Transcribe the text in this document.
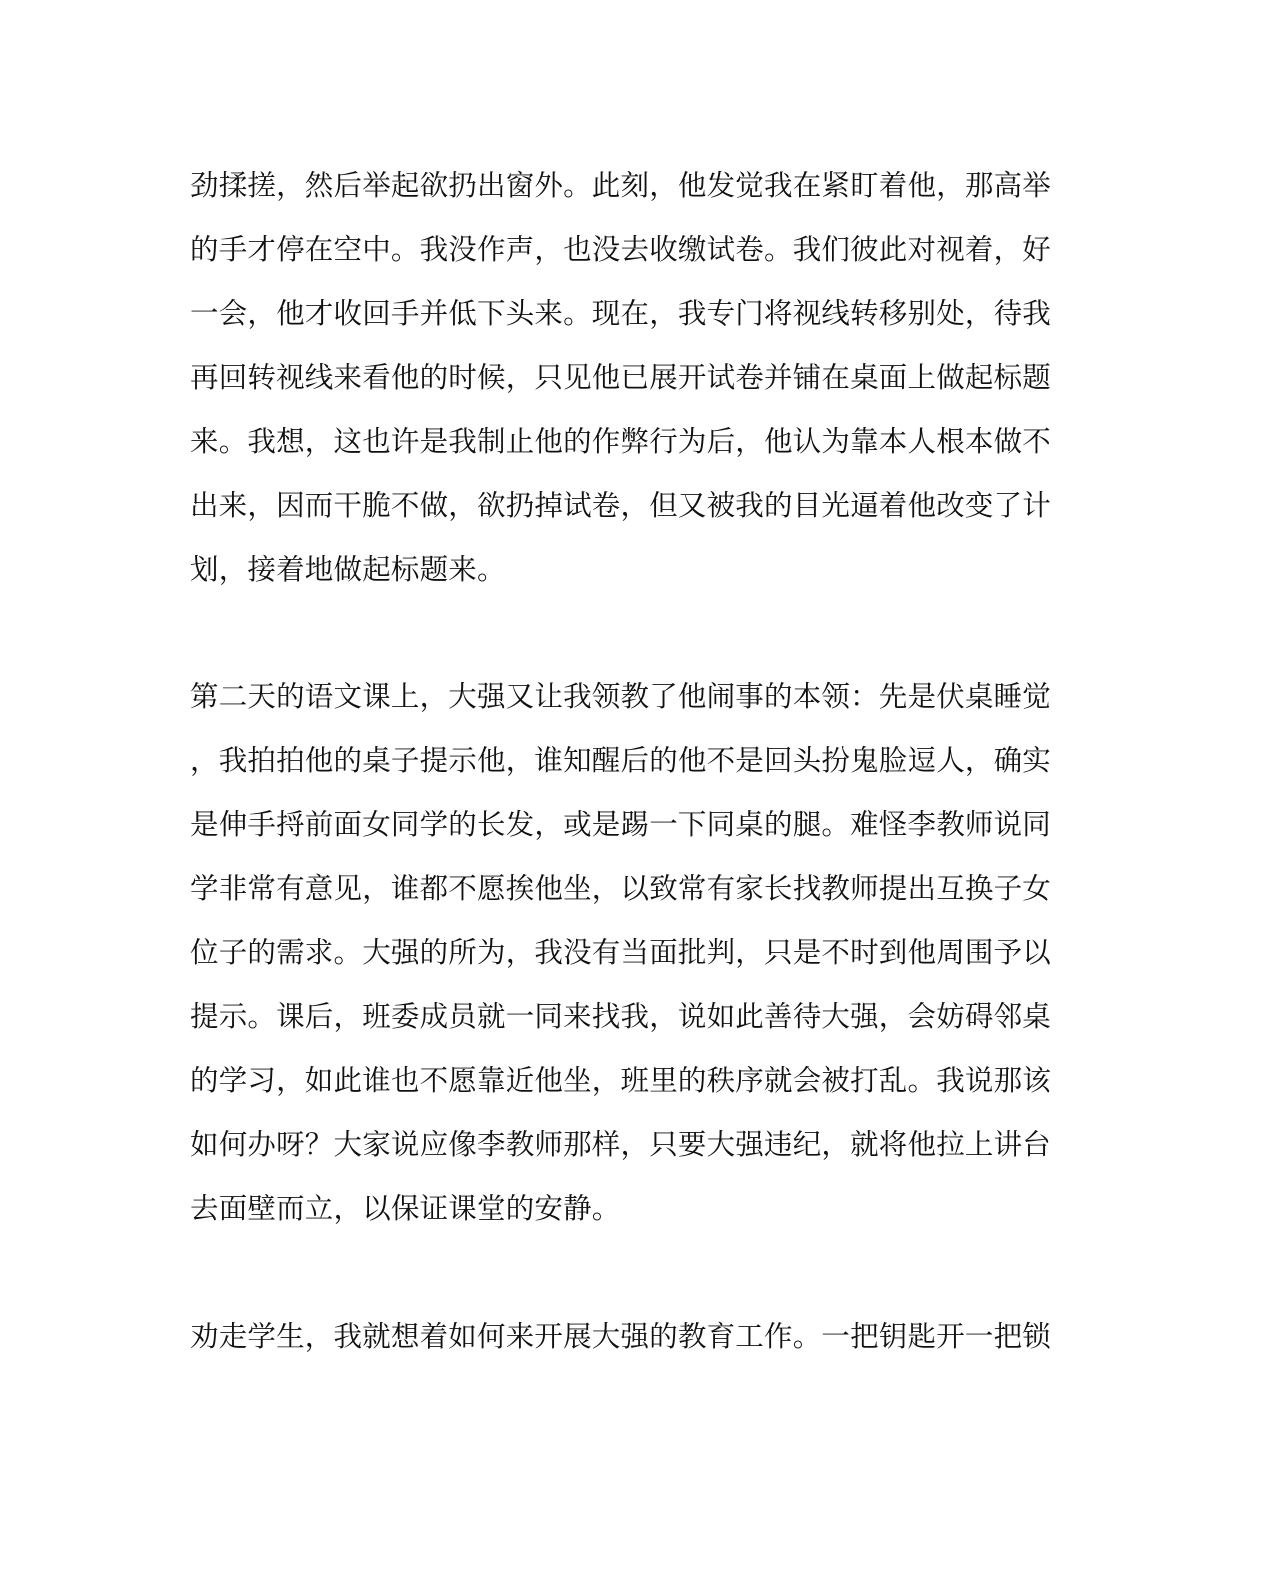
劲揉搓，然后举起欲扔出窗外。此刻，他发觉我在紧盯着他，那高举
的手才停在空中。我没作声，也没去收缴试卷。我们彼此对视着，好
一会，他才收回手并低下头来。现在，我专门将视线转移别处，待我
再回转视线来看他的时候，只见他已展开试卷并铺在桌面上做起标题
来。我想，这也许是我制止他的作弊行为后，他认为靠本人根本做不
出来，因而干脆不做，欲扔掉试卷，但又被我的目光逼着他改变了计
划，接着地做起标题来。
第二天的语文课上，大强又让我领教了他闹事的本领：先是伏桌睡觉
，我拍拍他的桌子提示他，谁知醒后的他不是回头扮鬼脸逗人，确实
是伸手捋前面女同学的长发，或是踢一下同桌的腿。难怪李教师说同
学非常有意见，谁都不愿挨他坐，以致常有家长找教师提出互换子女
位子的需求。大强的所为，我没有当面批判，只是不时到他周围予以
提示。课后，班委成员就一同来找我，说如此善待大强，会妨碍邻桌
的学习，如此谁也不愿靠近他坐，班里的秩序就会被打乱。我说那该
如何办呀？大家说应像李教师那样，只要大强违纪，就将他拉上讲台
去面壁而立，以保证课堂的安静。
劝走学生，我就想着如何来开展大强的教育工作。一把钥匙开一把锁
